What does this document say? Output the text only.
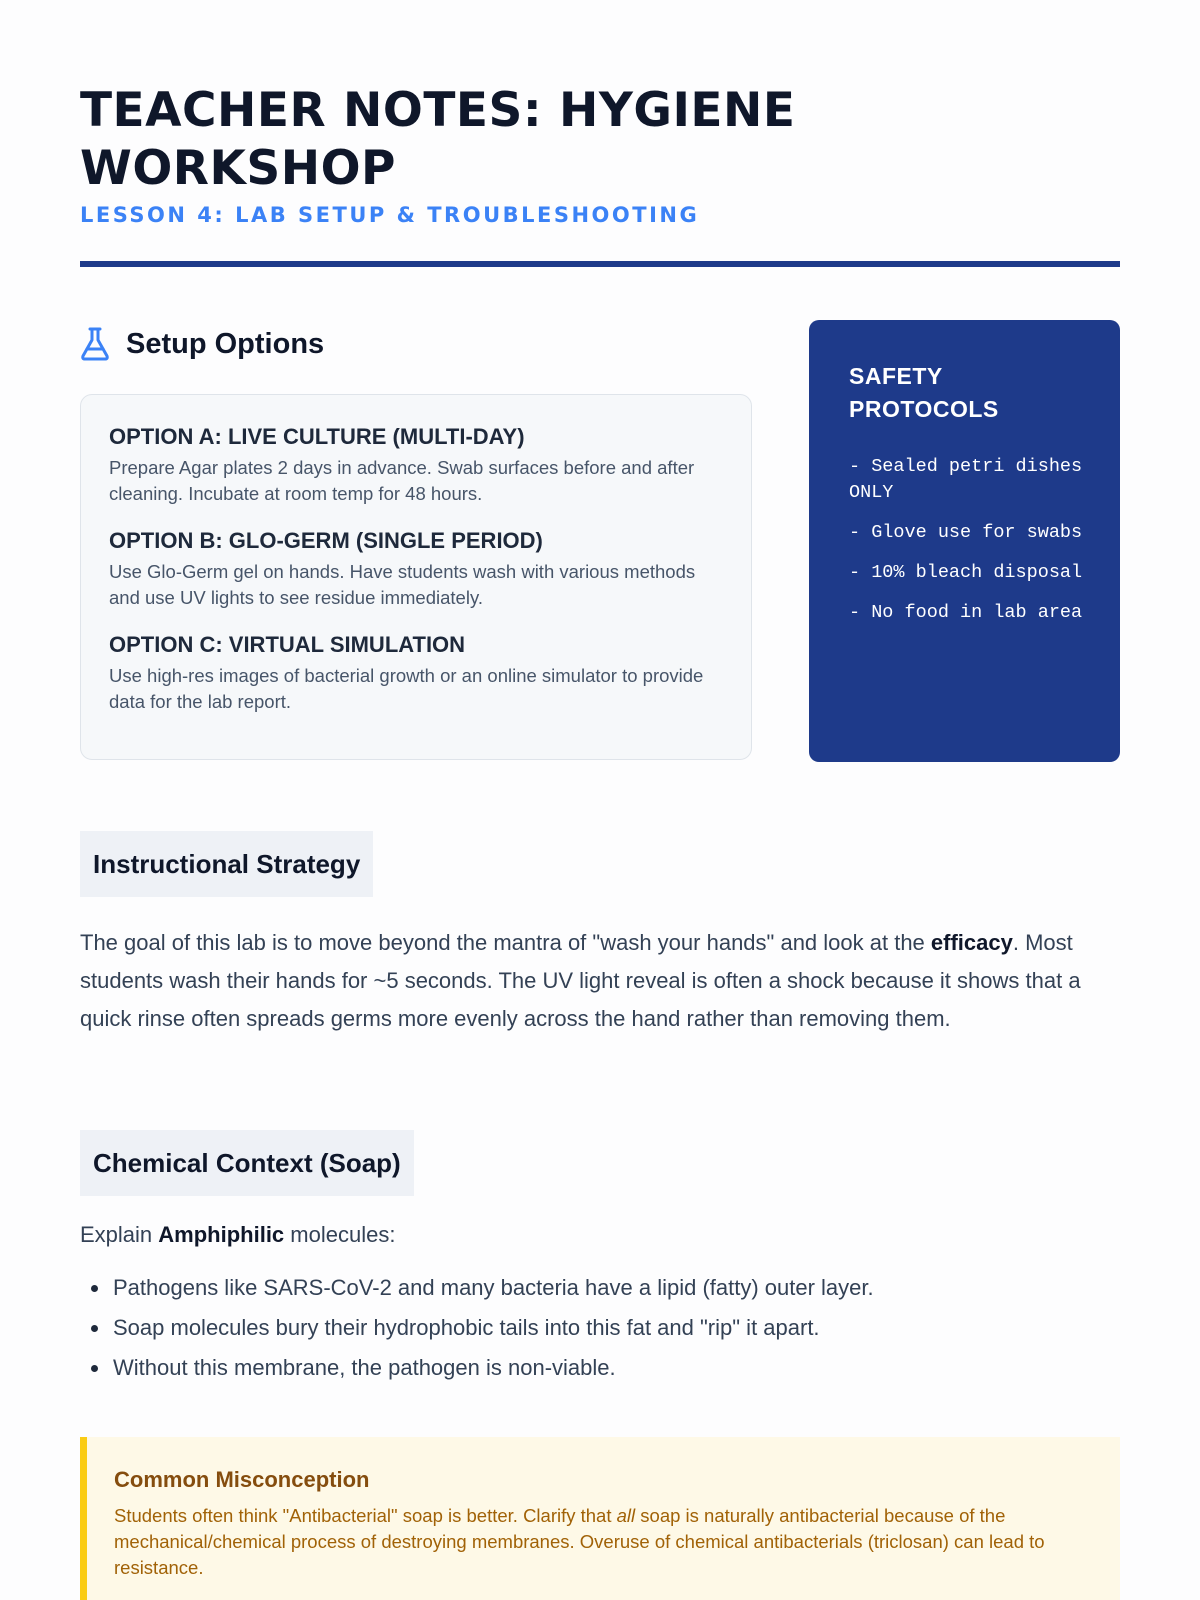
TEACHER NOTES: HYGIENE WORKSHOP

LESSON 4: LAB SETUP & TROUBLESHOOTING

Setup Options

OPTION A: LIVE CULTURE (MULTI-DAY)

Prepare Agar plates 2 days in advance. Swab surfaces before and after cleaning. Incubate at room temp for 48 hours.

OPTION B: GLO-GERM (SINGLE PERIOD)

Use Glo-Germ gel on hands. Have students wash with various methods and use UV lights to see residue immediately.

OPTION C: VIRTUAL SIMULATION

Use high-res images of bacterial growth or an online simulator to provide data for the lab report.

SAFETY PROTOCOLS

- Sealed petri dishes ONLY

- Glove use for swabs

- 10% bleach disposal

- No food in lab area

Instructional Strategy

The goal of this lab is to move beyond the mantra of "wash your hands" and look at the efficacy. Most students wash their hands for ~5 seconds. The UV light reveal is often a shock because it shows that a quick rinse often spreads germs more evenly across the hand rather than removing them.

Chemical Context (Soap)

Explain Amphiphilic molecules:

Pathogens like SARS-CoV-2 and many bacteria have a lipid (fatty) outer layer.
Soap molecules bury their hydrophobic tails into this fat and "rip" it apart.
Without this membrane, the pathogen is non-viable.

Common Misconception

Students often think "Antibacterial" soap is better. Clarify that all soap is naturally antibacterial because of the mechanical/chemical process of destroying membranes. Overuse of chemical antibacterials (triclosan) can lead to resistance.
